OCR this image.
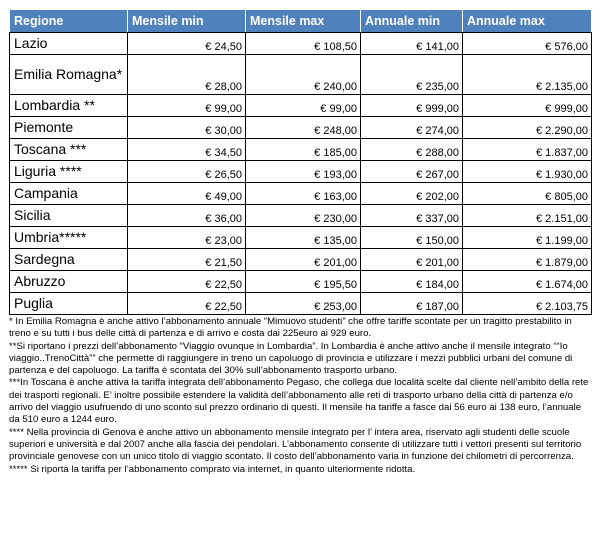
Regione	Mensile min	Mensile max	Annuale min	Annuale max
Lazio	€ 24,50	€ 108,50	€ 141,00	€ 576,00
Emilia Romagna*	€ 28,00	€ 240,00	€ 235,00	€ 2.135,00
Lombardia **	€ 99,00	€ 99,00	€ 999,00	€ 999,00
Piemonte	€ 30,00	€ 248,00	€ 274,00	€ 2.290,00
Toscana ***	€ 34,50	€ 185,00	€ 288,00	€ 1.837,00
Liguria ****	€ 26,50	€ 193,00	€ 267,00	€ 1.930,00
Campania	€ 49,00	€ 163,00	€ 202,00	€ 805,00
Sicilia	€ 36,00	€ 230,00	€ 337,00	€ 2.151,00
Umbria*****	€ 23,00	€ 135,00	€ 150,00	€ 1.199,00
Sardegna	€ 21,50	€ 201,00	€ 201,00	€ 1.879,00
Abruzzo	€ 22,50	€ 195,50	€ 184,00	€ 1.674,00
Puglia	€ 22,50	€ 253,00	€ 187,00	€ 2.103,75

* In Emilia Romagna è anche attivo l’abbonamento annuale “Mimuovo studenti” che offre tariffe scontate per un tragitto prestabilito in treno e su tutti i bus delle città di partenza e di arrivo e costa dai 225euro ai 929 euro.

**Si riportano i prezzi dell’abbonamento “Viaggio ovunque in Lombardia”. In Lombardia è anche attivo anche il mensile integrato ““Io viaggio..TrenoCittà”” che permette di raggiungere in treno un capoluogo di provincia e utilizzare i mezzi pubblici urbani del comune di partenza e del capoluogo. La tariffa è scontata del 30% sull’abbonamento trasporto urbano.

***In Toscana è anche attiva la tariffa integrata dell’abbonamento Pegaso, che collega due località scelte dal cliente nell’ambito della rete dei trasporti regionali. E’ inoltre possibile estendere la validità dell’abbonamento alle reti di trasporto urbano della città di partenza e/o arrivo del viaggio usufruendo di uno sconto sul prezzo ordinario di questi. Il mensile ha tariffe a fasce dai 56 euro ai 138 euro, l’annuale da 510 euro a 1244 euro.

**** Nella provincia di Genova è anche attivo un abbonamento mensile integrato per l’ intera area, riservato agli studenti delle scuole superiori e università e dal 2007 anche alla fascia dei pendolari. L’abbonamento consente di utilizzare tutti i vettori presenti sul territorio provinciale genovese con un unico titolo di viaggio scontato. Il costo dell’abbonamento varia in funzione dei chilometri di percorrenza.

***** Si riporta la tariffa per l’abbonamento comprato via internet, in quanto ulteriormente ridotta.
